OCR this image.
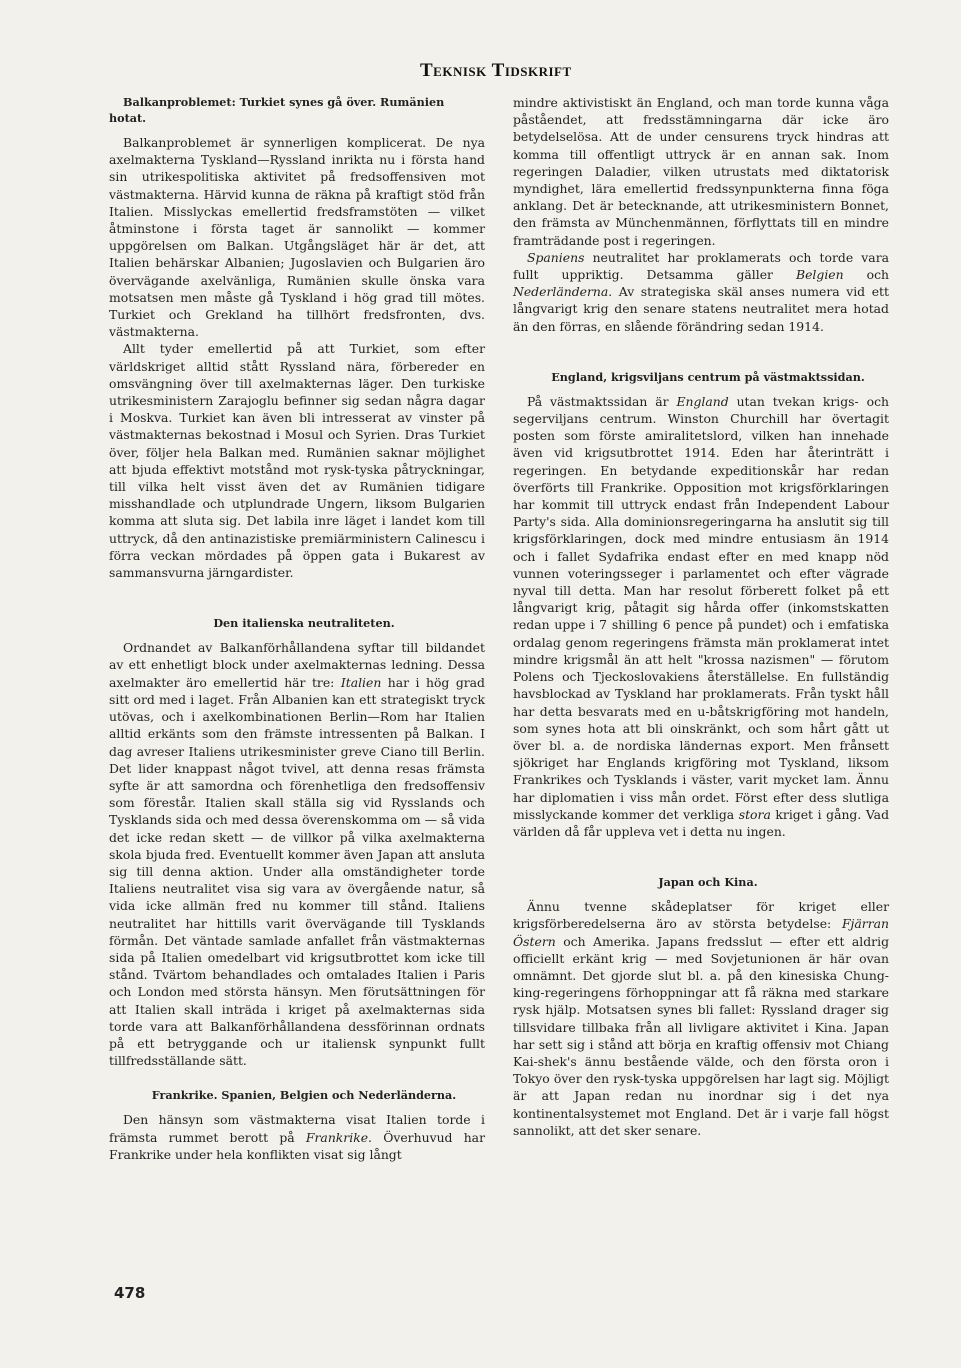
Teknisk Tidskrift

Balkanproblemet: Turkiet synes gå över. Rumänien hotat.

Balkanproblemet är synnerligen komplicerat. De nya axelmakterna Tyskland—Ryssland inrikta nu i första hand sin utrikespolitiska aktivitet på fredsoffensiven mot västmakterna. Härvid kunna de räkna på kraftigt stöd från Italien. Misslyckas emellertid fredsframstöten — vilket åtminstone i första taget är sannolikt — kommer uppgörelsen om Balkan. Utgångsläget här är det, att Italien behärskar Albanien; Jugoslavien och Bulgarien äro övervägande axelvänliga, Rumänien skulle önska vara motsatsen men måste gå Tyskland i hög grad till mötes. Turkiet och Grekland ha tillhört fredsfronten, dvs. västmakterna.

Allt tyder emellertid på att Turkiet, som efter världskriget alltid stått Ryssland nära, förbereder en omsvängning över till axelmakternas läger. Den turkiske utrikesministern Zarajoglu befinner sig sedan några dagar i Moskva. Turkiet kan även bli intresserat av vinster på västmakternas bekostnad i Mosul och Syrien. Dras Turkiet över, följer hela Balkan med. Rumänien saknar möjlighet att bjuda effektivt motstånd mot rysk-tyska påtryckningar, till vilka helt visst även det av Rumänien tidigare misshandlade och utplundrade Ungern, liksom Bulgarien komma att sluta sig. Det labila inre läget i landet kom till uttryck, då den antinazistiske premiärministern Calinescu i förra veckan mördades på öppen gata i Bukarest av sammansvurna järngardister.

Den italienska neutraliteten.

Ordnandet av Balkanförhållandena syftar till bildandet av ett enhetligt block under axelmakternas ledning. Dessa axelmakter äro emellertid här tre: Italien har i hög grad sitt ord med i laget. Från Albanien kan ett strategiskt tryck utövas, och i axelkombinationen Berlin—Rom har Italien alltid erkänts som den främste intressenten på Balkan. I dag avreser Italiens utrikesminister greve Ciano till Berlin. Det lider knappast något tvivel, att denna resas främsta syfte är att samordna och förenhetliga den fredsoffensiv som förestår. Italien skall ställa sig vid Rysslands och Tysklands sida och med dessa överenskomma om — så vida det icke redan skett — de villkor på vilka axelmakterna skola bjuda fred. Eventuellt kommer även Japan att ansluta sig till denna aktion. Under alla omständigheter torde Italiens neutralitet visa sig vara av övergående natur, så vida icke allmän fred nu kommer till stånd. Italiens neutralitet har hittills varit övervägande till Tysklands förmån. Det väntade samlade anfallet från västmakternas sida på Italien omedelbart vid krigsutbrottet kom icke till stånd. Tvärtom behandlades och omtalades Italien i Paris och London med största hänsyn. Men förutsättningen för att Italien skall inträda i kriget på axelmakternas sida torde vara att Balkanförhållandena dessförinnan ordnats på ett betryggande och ur italiensk synpunkt fullt tillfredsställande sätt.

Frankrike. Spanien, Belgien och Nederländerna.

Den hänsyn som västmakterna visat Italien torde i främsta rummet berott på Frankrike. Överhuvud har Frankrike under hela konflikten visat sig långt

mindre aktivistiskt än England, och man torde kunna våga påståendet, att fredsstämningarna där icke äro betydelselösa. Att de under censurens tryck hindras att komma till offentligt uttryck är en annan sak. Inom regeringen Daladier, vilken utrustats med diktatorisk myndighet, lära emellertid fredssynpunkterna finna föga anklang. Det är betecknande, att utrikesministern Bonnet, den främsta av Münchenmännen, förflyttats till en mindre framträdande post i regeringen.

Spaniens neutralitet har proklamerats och torde vara fullt uppriktig. Detsamma gäller Belgien och Nederländerna. Av strategiska skäl anses numera vid ett långvarigt krig den senare statens neutralitet mera hotad än den förras, en slående förändring sedan 1914.

England, krigsviljans centrum på västmaktssidan.

På västmaktssidan är England utan tvekan krigs- och segerviljans centrum. Winston Churchill har övertagit posten som förste amiralitetslord, vilken han innehade även vid krigsutbrottet 1914. Eden har återinträtt i regeringen. En betydande expeditionskår har redan överförts till Frankrike. Opposition mot krigsförklaringen har kommit till uttryck endast från Independent Labour Party's sida. Alla dominionsregeringarna ha anslutit sig till krigsförklaringen, dock med mindre entusiasm än 1914 och i fallet Sydafrika endast efter en med knapp nöd vunnen voteringsseger i parlamentet och efter vägrade nyval till detta. Man har resolut förberett folket på ett långvarigt krig, påtagit sig hårda offer (inkomstskatten redan uppe i 7 shilling 6 pence på pundet) och i emfatiska ordalag genom regeringens främsta män proklamerat intet mindre krigsmål än att helt "krossa nazismen" — förutom Polens och Tjeckoslovakiens återställelse. En fullständig havsblockad av Tyskland har proklamerats. Från tyskt håll har detta besvarats med en u-båtskrigföring mot handeln, som synes hota att bli oinskränkt, och som hårt gått ut över bl. a. de nordiska ländernas export. Men frånsett sjökriget har Englands krigföring mot Tyskland, liksom Frankrikes och Tysklands i väster, varit mycket lam. Ännu har diplomatien i viss mån ordet. Först efter dess slutliga misslyckande kommer det verkliga stora kriget i gång. Vad världen då får uppleva vet i detta nu ingen.

Japan och Kina.

Ännu tvenne skådeplatser för kriget eller krigsförberedelserna äro av största betydelse: Fjärran Östern och Amerika. Japans fredsslut — efter ett aldrig officiellt erkänt krig — med Sovjetunionen är här ovan omnämnt. Det gjorde slut bl. a. på den kinesiska Chung-king-regeringens förhoppningar att få räkna med starkare rysk hjälp. Motsatsen synes bli fallet: Ryssland drager sig tillsvidare tillbaka från all livligare aktivitet i Kina. Japan har sett sig i stånd att börja en kraftig offensiv mot Chiang Kai-shek's ännu bestående välde, och den första oron i Tokyo över den rysk-tyska uppgörelsen har lagt sig. Möjligt är att Japan redan nu inordnar sig i det nya kontinentalsystemet mot England. Det är i varje fall högst sannolikt, att det sker senare.

478
